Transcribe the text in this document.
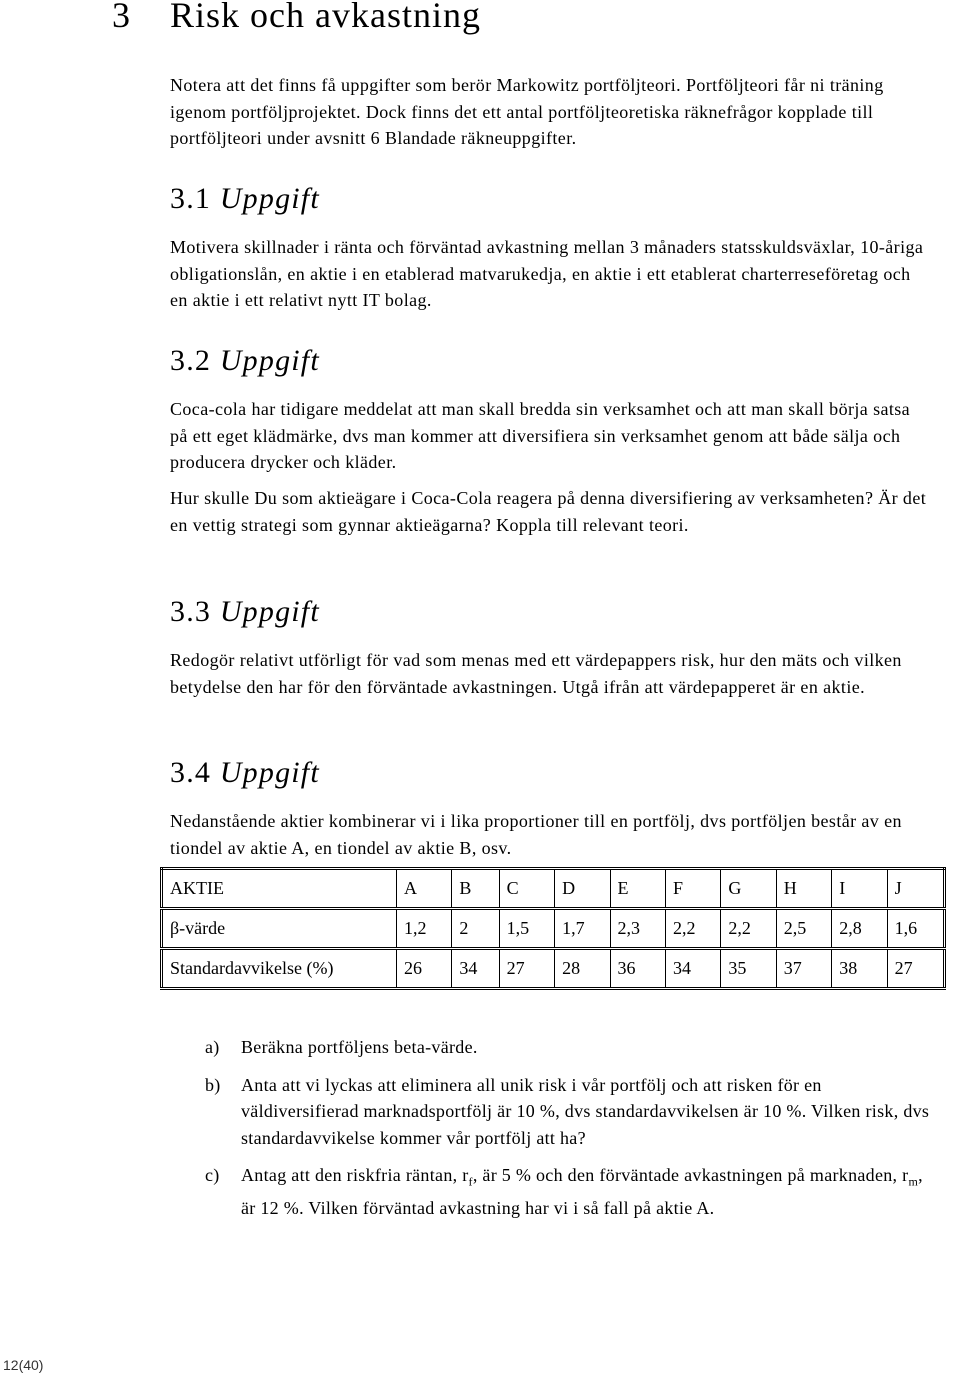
3 Risk och avkastning
Notera att det finns få uppgifter som berör Markowitz portföljteori. Portföljteori får ni träning igenom portföljprojektet. Dock finns det ett antal portföljteoretiska räknefrågor kopplade till portföljteori under avsnitt 6 Blandade räkneuppgifter.
3.1 Uppgift
Motivera skillnader i ränta och förväntad avkastning mellan 3 månaders statsskuldsväxlar, 10-åriga obligationslån, en aktie i en etablerad matvarukedja, en aktie i ett etablerat charterreseföretag och en aktie i ett relativt nytt IT bolag.
3.2 Uppgift
Coca-cola har tidigare meddelat att man skall bredda sin verksamhet och att man skall börja satsa på ett eget klädmärke, dvs man kommer att diversifiera sin verksamhet genom att både sälja och producera drycker och kläder.
Hur skulle Du som aktieägare i Coca-Cola reagera på denna diversifiering av verksamheten? Är det en vettig strategi som gynnar aktieägarna? Koppla till relevant teori.
3.3 Uppgift
Redogör relativt utförligt för vad som menas med ett värdepappers risk, hur den mäts och vilken betydelse den har för den förväntade avkastningen. Utgå ifrån att värdepapperet är en aktie.
3.4 Uppgift
Nedanstående aktier kombinerar vi i lika proportioner till en portfölj, dvs portföljen består av en tiondel av aktie A, en tiondel av aktie B, osv.
AKTIE	A	B	C	D	E	F	G	H	I	J
β-värde	1,2	2	1,5	1,7	2,3	2,2	2,2	2,5	2,8	1,6
Standardavvikelse (%)	26	34	27	28	36	34	35	37	38	27
a) Beräkna portföljens beta-värde.
b) Anta att vi lyckas att eliminera all unik risk i vår portfölj och att risken för en väldiversifierad marknadsportfölj är 10 %, dvs standardavvikelsen är 10 %. Vilken risk, dvs standardavvikelse kommer vår portfölj att ha?
c) Antag att den riskfria räntan, $r_f$, är 5 % och den förväntade avkastningen på marknaden, $r_m$, är 12 %. Vilken förväntad avkastning har vi i så fall på aktie A.
12(40)
